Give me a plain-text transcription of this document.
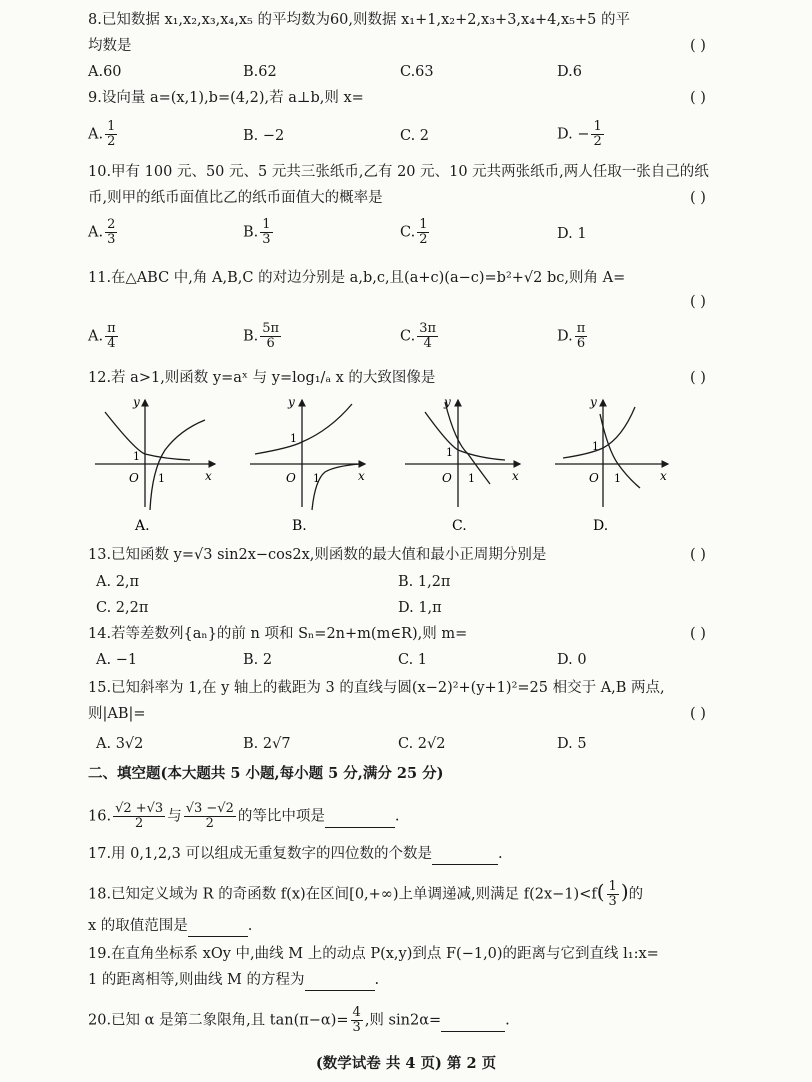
8.已知数据 x₁,x₂,x₃,x₄,x₅ 的平均数为60,则数据 x₁+1,x₂+2,x₃+3,x₄+4,x₅+5 的平
均数是	( )
A.60	B.62	C.63	D.6
9.设向量 a=(x,1),b=(4,2),若 a⊥b,则 x=	( )
A. $\frac{1}{2}$	B. −2	C. 2	D. − $\frac{1}{2}$
10.甲有 100 元、50 元、5 元共三张纸币,乙有 20 元、10 元共两张纸币,两人任取一张自己的纸
币,则甲的纸币面值比乙的纸币面值大的概率是	( )
A. $\frac{2}{3}$	B. $\frac{1}{3}$	C. $\frac{1}{2}$	D. 1
11.在△ABC 中,角 A,B,C 的对边分别是 a,b,c,且(a+c)(a−c)=b²+√2 bc,则角 A=
( )
A. $\frac{\pi}{4}$	B. $\frac{5\pi}{6}$	C. $\frac{3\pi}{4}$	D. $\frac{\pi}{6}$
12.若 a>1,则函数 y=aˣ 与 y=log₁/ₐ x 的大致图像是	( )
y
x
O
1
1
y
x
O
1
1
y
x
O
1
1
y
x
O
1
1
A.	B.	C.	D.
13.已知函数 y=√3 sin2x−cos2x,则函数的最大值和最小正周期分别是	( )
A. 2,π	B. 1,2π
C. 2,2π	D. 1,π
14.若等差数列{aₙ}的前 n 项和 Sₙ=2n+m(m∈R),则 m=	( )
A. −1	B. 2	C. 1	D. 0
15.已知斜率为 1,在 y 轴上的截距为 3 的直线与圆(x−2)²+(y+1)²=25 相交于 A,B 两点,
则|AB|=	( )
A. 3√2	B. 2√7	C. 2√2	D. 5
二、填空题(本大题共 5 小题,每小题 5 分,满分 25 分)
16. $\frac{√2 +√3}{2}$ 与 $\frac{√3 -√2}{2}$ 的等比中项是	.
17.用 0,1,2,3 可以组成无重复数字的四位数的个数是	.
18.已知定义域为 R 的奇函数 f(x)在区间[0,+∞)上单调递减,则满足 $f(2x-1)<f( \frac{1}{3}$ )的
x 的取值范围是	.
19.在直角坐标系 xOy 中,曲线 M 上的动点 P(x,y)到点 F(−1,0)的距离与它到直线 l₁:x=
1 的距离相等,则曲线 M 的方程为	.
20.已知 α 是第二象限角,且 $\tan(\pi-\alpha)= \frac{4}{3}$ ,则 sin2α=	.
(数学试卷 共 4 页) 第 2 页
